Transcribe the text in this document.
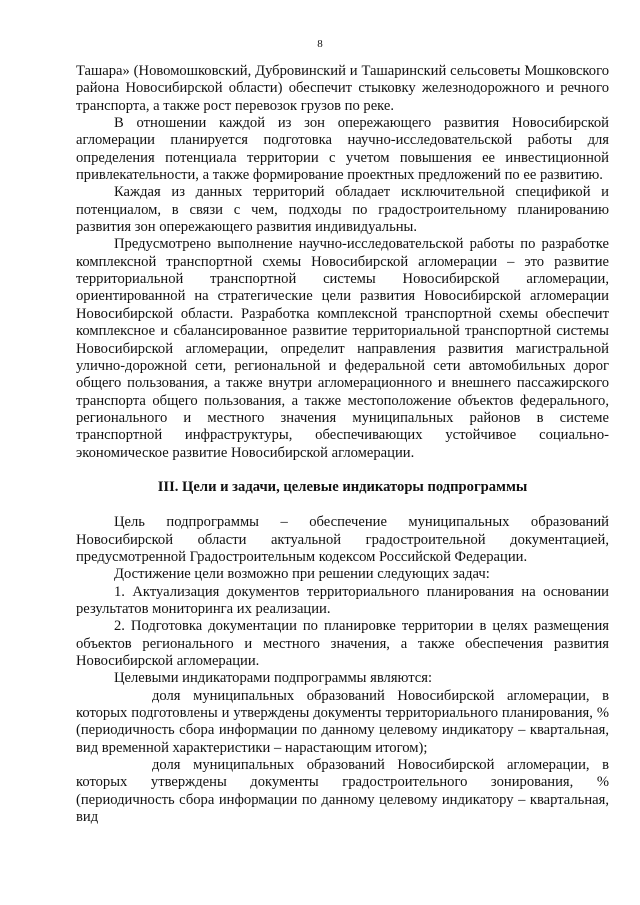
8

Ташара» (Новомошковский, Дубровинский и Ташаринский сельсоветы Мошковского района Новосибирской области) обеспечит стыковку железнодорожного и речного транспорта, а также рост перевозок грузов по реке.

В отношении каждой из зон опережающего развития Новосибирской агломерации планируется подготовка научно-исследовательской работы для определения потенциала территории с учетом повышения ее инвестиционной привлекательности, а также формирование проектных предложений по ее развитию.

Каждая из данных территорий обладает исключительной спецификой и потенциалом, в связи с чем, подходы по градостроительному планированию развития зон опережающего развития индивидуальны.

Предусмотрено выполнение научно-исследовательской работы по разработке комплексной транспортной схемы Новосибирской агломерации – это развитие территориальной транспортной системы Новосибирской агломерации, ориентированной на стратегические цели развития Новосибирской агломерации Новосибирской области. Разработка комплексной транспортной схемы обеспечит комплексное и сбалансированное развитие территориальной транспортной системы Новосибирской агломерации, определит направления развития магистральной улично-дорожной сети, региональной и федеральной сети автомобильных дорог общего пользования, а также внутри агломерационного и внешнего пассажирского транспорта общего пользования, а также местоположение объектов федерального, регионального и местного значения муниципальных районов в системе транспортной инфраструктуры, обеспечивающих устойчивое социально-экономическое развитие Новосибирской агломерации.

III. Цели и задачи, целевые индикаторы подпрограммы

Цель подпрограммы – обеспечение муниципальных образований Новосибирской области актуальной градостроительной документацией, предусмотренной Градостроительным кодексом Российской Федерации.

Достижение цели возможно при решении следующих задач:

1. Актуализация документов территориального планирования на основании результатов мониторинга их реализации.

2. Подготовка документации по планировке территории в целях размещения объектов регионального и местного значения, а также обеспечения развития Новосибирской агломерации.

Целевыми индикаторами подпрограммы являются:

доля муниципальных образований Новосибирской агломерации, в которых подготовлены и утверждены документы территориального планирования, % (периодичность сбора информации по данному целевому индикатору – квартальная, вид временной характеристики – нарастающим итогом);

доля муниципальных образований Новосибирской агломерации, в которых утверждены документы градостроительного зонирования, % (периодичность сбора информации по данному целевому индикатору – квартальная, вид
